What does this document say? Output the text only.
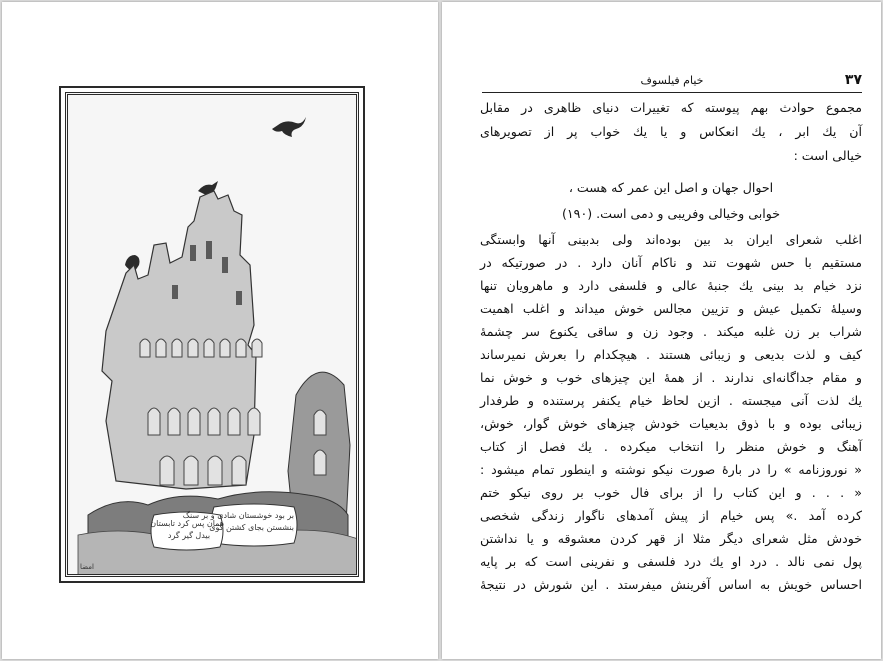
بر بود خوشستان شادی و بر سنگ
بنشستن بجای کشتن گوی
همان پس کرد تابستان
بیدل گیر گرد
امضا
۳۷
خیام فیلسوف
مجموع حوادث بهم پیوسته که تغییرات دنیای ظاهری در مقابل
آن یك ابر ، یك انعکاس و یا یك خواب پر از تصویرهای
خیالی است :
احوال جهان و اصل این عمر که هست ،
خوابی وخیالی وفریبی و دمی است. (۱۹۰)
اغلب شعرای ایران بد بین بوده‌اند ولی بدبینی آنها وابستگی
مستقیم با حس شهوت تند و ناکام آنان دارد . در صورتیکه در
نزد خیام بد بینی یك جنبهٔ عالی و فلسفی دارد و ماهرویان تنها
وسیلهٔ تکمیل عیش و تزیین مجالس خوش میداند و اغلب اهمیت
شراب بر زن غلبه میکند . وجود زن و ساقی یکنوع سر چشمهٔ
کیف و لذت بدیعی و زیبائی هستند . هیچکدام را بعرش نمیرساند
و مقام جداگانه‌ای ندارند . از همهٔ این چیزهای خوب و خوش نما
یك لذت آنی میجسته . ازین لحاظ خیام یکنفر پرستنده و طرفدار
زیبائی بوده و با ذوق بدیعیات خودش چیزهای خوش گوار، خوش،
آهنگ و خوش منظر را انتخاب میکرده . یك فصل از کتاب
« نوروزنامه » را در بارهٔ صورت نیکو نوشته و اینطور تمام میشود :
« . . . و این کتاب را از برای فال خوب بر روی نیکو ختم
کرده آمد .» پس خیام از پیش آمدهای ناگوار زندگی شخصی
خودش مثل شعرای دیگر مثلا از قهر کردن معشوقه و یا نداشتن
پول نمی نالد . درد او یك درد فلسفی و نفرینی است که بر پایه
احساس خویش به اساس آفرینش میفرستد . این شورش در نتیجهٔ
